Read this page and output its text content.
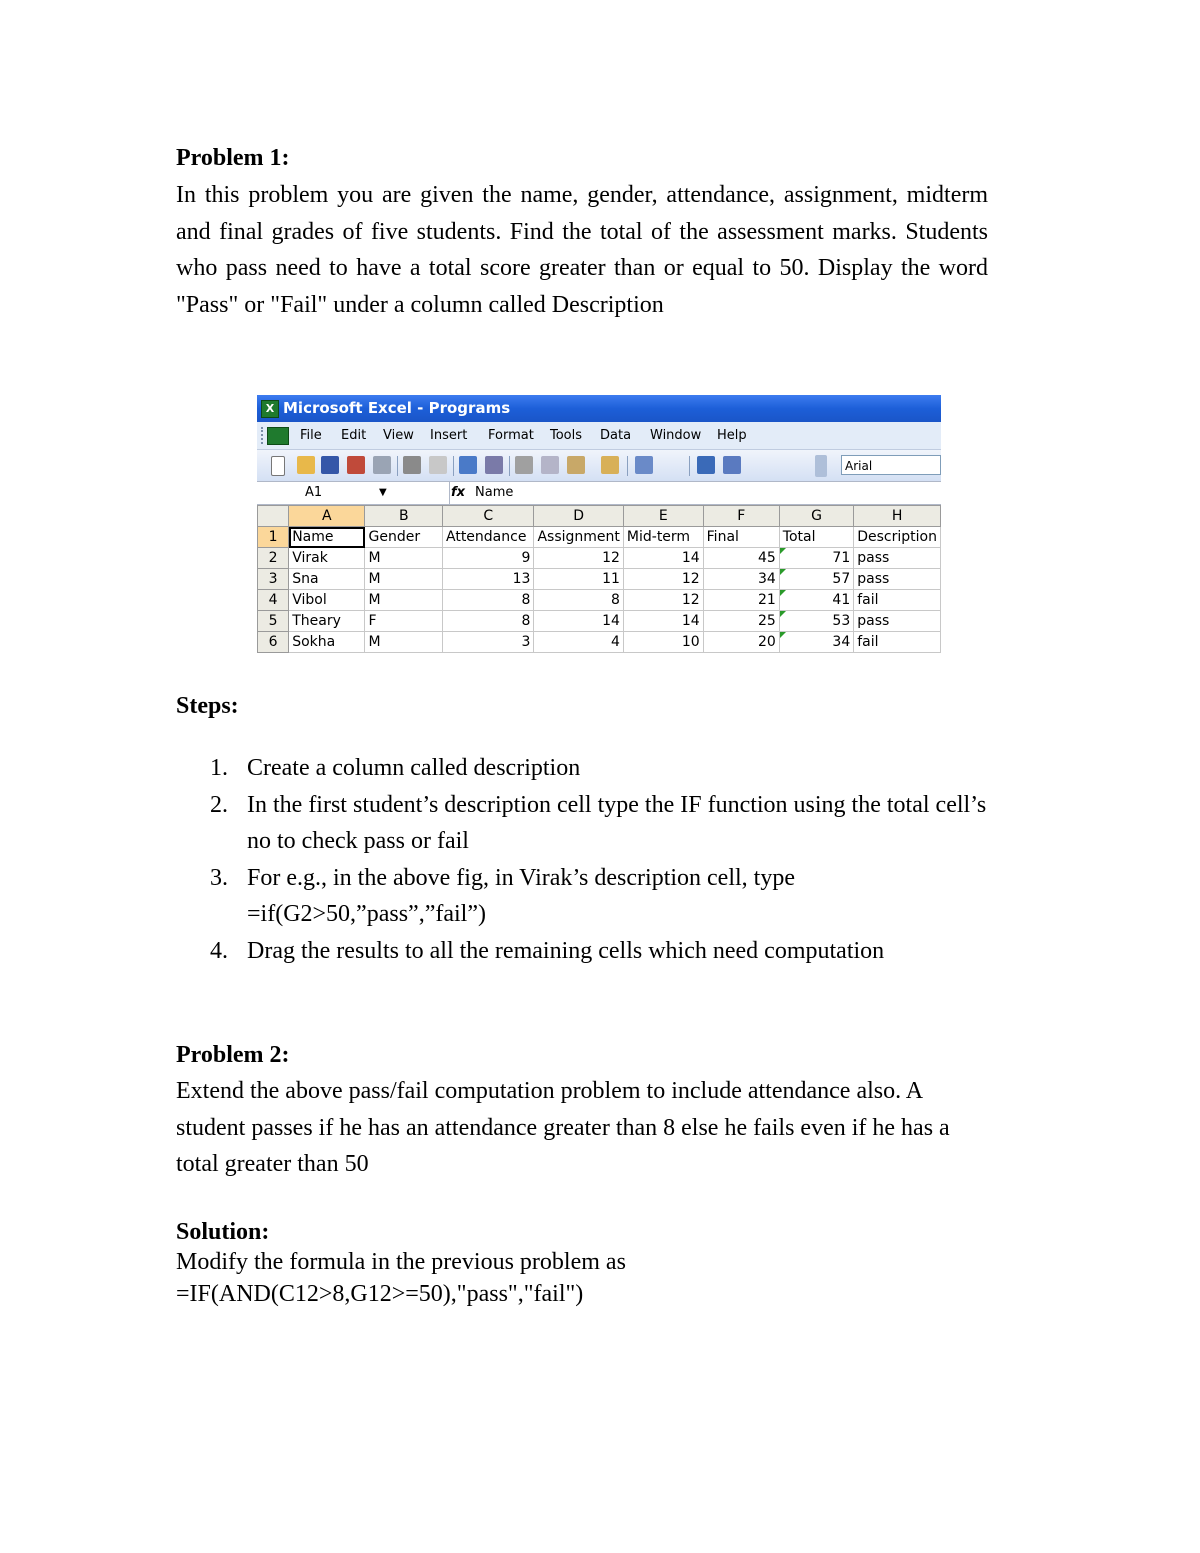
Problem 1:

In this problem you are given the name, gender, attendance, assignment, midterm and final grades of five students. Find the total of the assessment marks. Students who pass need to have a total score greater than or equal to 50. Display the word "Pass" or "Fail" under a column called Description

X Microsoft Excel - Programs
File Edit View Insert Format Tools Data Window Help
Arial
A1	▼	fx Name
	A	B	C	D	E	F	G	H
1	Name	Gender	Attendance	Assignment	Mid-term	Final	Total	Description
2	Virak	M	9	12	14	45	71	pass
3	Sna	M	13	11	12	34	57	pass
4	Vibol	M	8	8	12	21	41	fail
5	Theary	F	8	14	14	25	53	pass
6	Sokha	M	3	4	10	20	34	fail

Steps:

1. Create a column called description
2. In the first student’s description cell type the IF function using the total cell’s no to check pass or fail
3. For e.g., in the above fig, in Virak’s description cell, type =if(G2>50,”pass”,”fail”)
4. Drag the results to all the remaining cells which need computation

Problem 2:

Extend the above pass/fail computation problem to include attendance also. A student passes if he has an attendance greater than 8 else he fails even if he has a total greater than 50

Solution:

Modify the formula in the previous problem as
=IF(AND(C12>8,G12>=50),"pass","fail")
